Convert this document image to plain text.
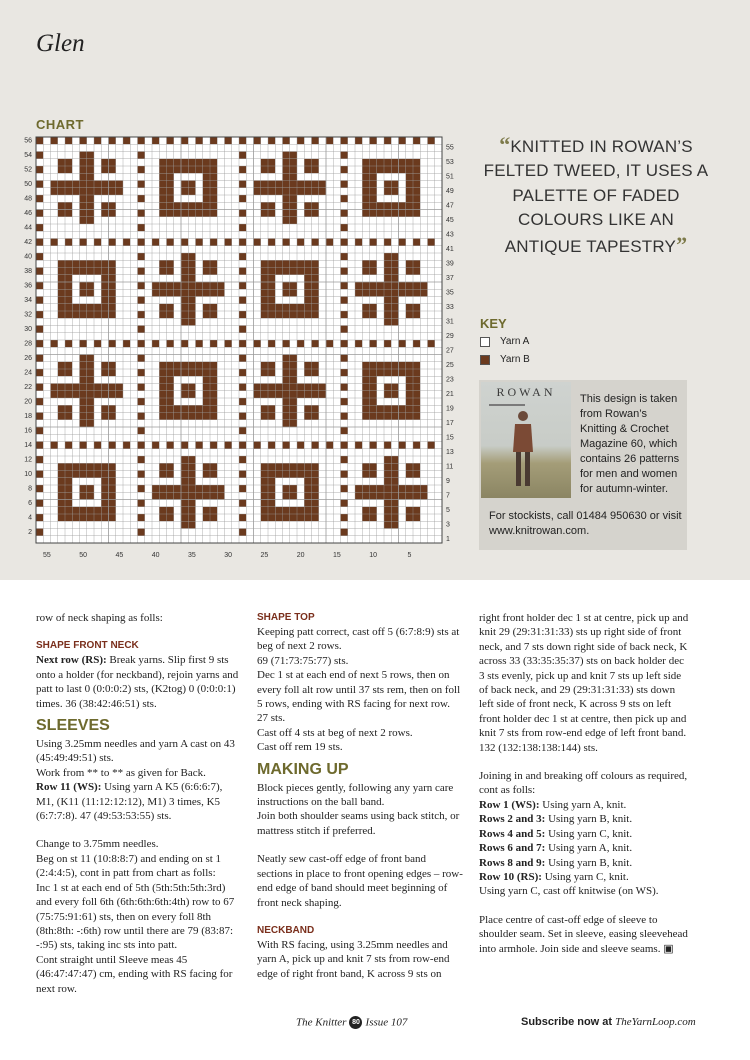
Glen
CHART
56
54
52
50
48
46
44
42
40
38
36
34
32
30
28
26
24
22
20
18
16
14
12
10
8
6
4
2
55
53
51
49
47
45
43
41
39
37
35
33
31
29
27
25
23
21
19
17
15
13
11
9
7
5
3
1
55	50	45	40	35	30	25	20	15	10	5
“KNITTED IN ROWAN’S FELTED TWEED, IT USES A PALETTE OF FADED COLOURS LIKE AN ANTIQUE TAPESTRY”
KEY
Yarn A
Yarn B
ROWAN	This design is taken from Rowan’s Knitting & Crochet Magazine 60, which contains 26 patterns for men and women for autumn-winter.
For stockists, call 01484 950630 or visit www.knitrowan.com.

row of neck shaping as folls:

SHAPE FRONT NECK

Next row (RS): Break yarns. Slip first 9 sts onto a holder (for neckband), rejoin yarns and patt to last 0 (0:0:0:2) sts, (K2tog) 0 (0:0:0:1) times. 36 (38:42:46:51) sts.

SLEEVES

Using 3.25mm needles and yarn A cast on 43 (45:49:49:51) sts.

Work from ** to ** as given for Back.

Row 11 (WS): Using yarn A K5 (6:6:6:7), M1, (K11 (11:12:12:12), M1) 3 times, K5 (6:7:7:8). 47 (49:53:53:55) sts.

Change to 3.75mm needles.

Beg on st 11 (10:8:8:7) and ending on st 1 (2:4:4:5), cont in patt from chart as folls:

Inc 1 st at each end of 5th (5th:5th:5th:3rd) and every foll 6th (6th:6th:6th:4th) row to 67 (75:75:91:61) sts, then on every foll 8th (8th:8th: -:6th) row until there are 79 (83:87: -:95) sts, taking inc sts into patt.

Cont straight until Sleeve meas 45 (46:47:47:47) cm, ending with RS facing for next row.

SHAPE TOP

Keeping patt correct, cast off 5 (6:7:8:9) sts at beg of next 2 rows.

69 (71:73:75:77) sts.

Dec 1 st at each end of next 5 rows, then on every foll alt row until 37 sts rem, then on foll 5 rows, ending with RS facing for next row. 27 sts.

Cast off 4 sts at beg of next 2 rows.

Cast off rem 19 sts.

MAKING UP

Block pieces gently, following any yarn care instructions on the ball band.

Join both shoulder seams using back stitch, or mattress stitch if preferred.

Neatly sew cast-off edge of front band sections in place to front opening edges – row-end edge of band should meet beginning of front neck shaping.

NECKBAND

With RS facing, using 3.25mm needles and yarn A, pick up and knit 7 sts from row-end edge of right front band, K across 9 sts on

right front holder dec 1 st at centre, pick up and knit 29 (29:31:31:33) sts up right side of front neck, and 7 sts down right side of back neck, K across 33 (33:35:35:37) sts on back holder dec 3 sts evenly, pick up and knit 7 sts up left side of back neck, and 29 (29:31:31:33) sts down left side of front neck, K across 9 sts on left front holder dec 1 st at centre, then pick up and knit 7 sts from row-end edge of left front band.

132 (132:138:138:144) sts.

Joining in and breaking off colours as required, cont as folls:

Row 1 (WS): Using yarn A, knit.

Rows 2 and 3: Using yarn B, knit.

Rows 4 and 5: Using yarn C, knit.

Rows 6 and 7: Using yarn A, knit.

Rows 8 and 9: Using yarn B, knit.

Row 10 (RS): Using yarn C, knit.

Using yarn C, cast off knitwise (on WS).

Place centre of cast-off edge of sleeve to shoulder seam. Set in sleeve, easing sleevehead into armhole. Join side and sleeve seams. ▣

The Knitter 80 Issue 107	Subscribe now at TheYarnLoop.com
